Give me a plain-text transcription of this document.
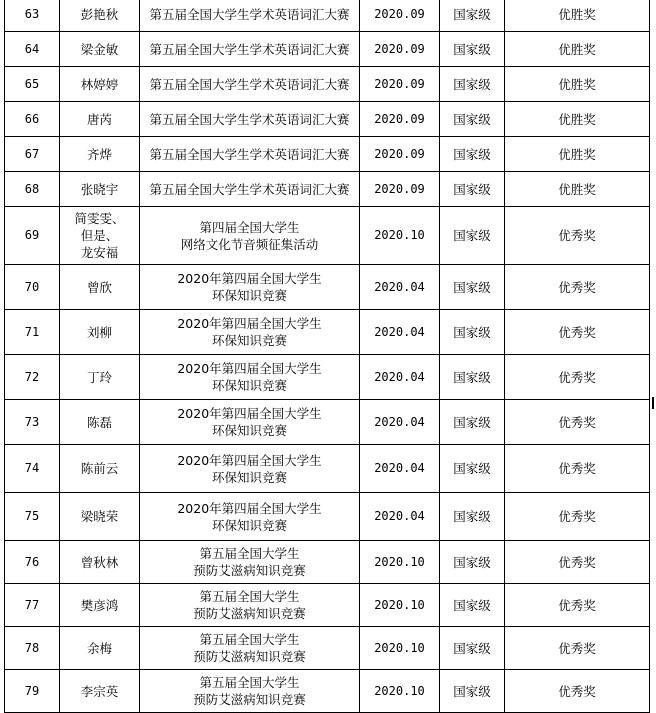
63	彭艳秋	第五届全国大学生学术英语词汇大赛	2020.09	国家级	优胜奖
64	梁金敏	第五届全国大学生学术英语词汇大赛	2020.09	国家级	优胜奖
65	林婷婷	第五届全国大学生学术英语词汇大赛	2020.09	国家级	优胜奖
66	唐芮	第五届全国大学生学术英语词汇大赛	2020.09	国家级	优胜奖
67	齐烨	第五届全国大学生学术英语词汇大赛	2020.09	国家级	优胜奖
68	张晓宇	第五届全国大学生学术英语词汇大赛	2020.09	国家级	优胜奖
69	简雯雯、
但是、
龙安福	第四届全国大学生
网络文化节音频征集活动	2020.10	国家级	优秀奖
70	曾欣	2020年第四届全国大学生
环保知识竞赛	2020.04	国家级	优秀奖
71	刘柳	2020年第四届全国大学生
环保知识竞赛	2020.04	国家级	优秀奖
72	丁玲	2020年第四届全国大学生
环保知识竞赛	2020.04	国家级	优秀奖
73	陈磊	2020年第四届全国大学生
环保知识竞赛	2020.04	国家级	优秀奖
74	陈前云	2020年第四届全国大学生
环保知识竞赛	2020.04	国家级	优秀奖
75	梁晓荣	2020年第四届全国大学生
环保知识竞赛	2020.04	国家级	优秀奖
76	曾秋林	第五届全国大学生
预防艾滋病知识竞赛	2020.10	国家级	优秀奖
77	樊彦鸿	第五届全国大学生
预防艾滋病知识竞赛	2020.10	国家级	优秀奖
78	余梅	第五届全国大学生
预防艾滋病知识竞赛	2020.10	国家级	优秀奖
79	李宗英	第五届全国大学生
预防艾滋病知识竞赛	2020.10	国家级	优秀奖
